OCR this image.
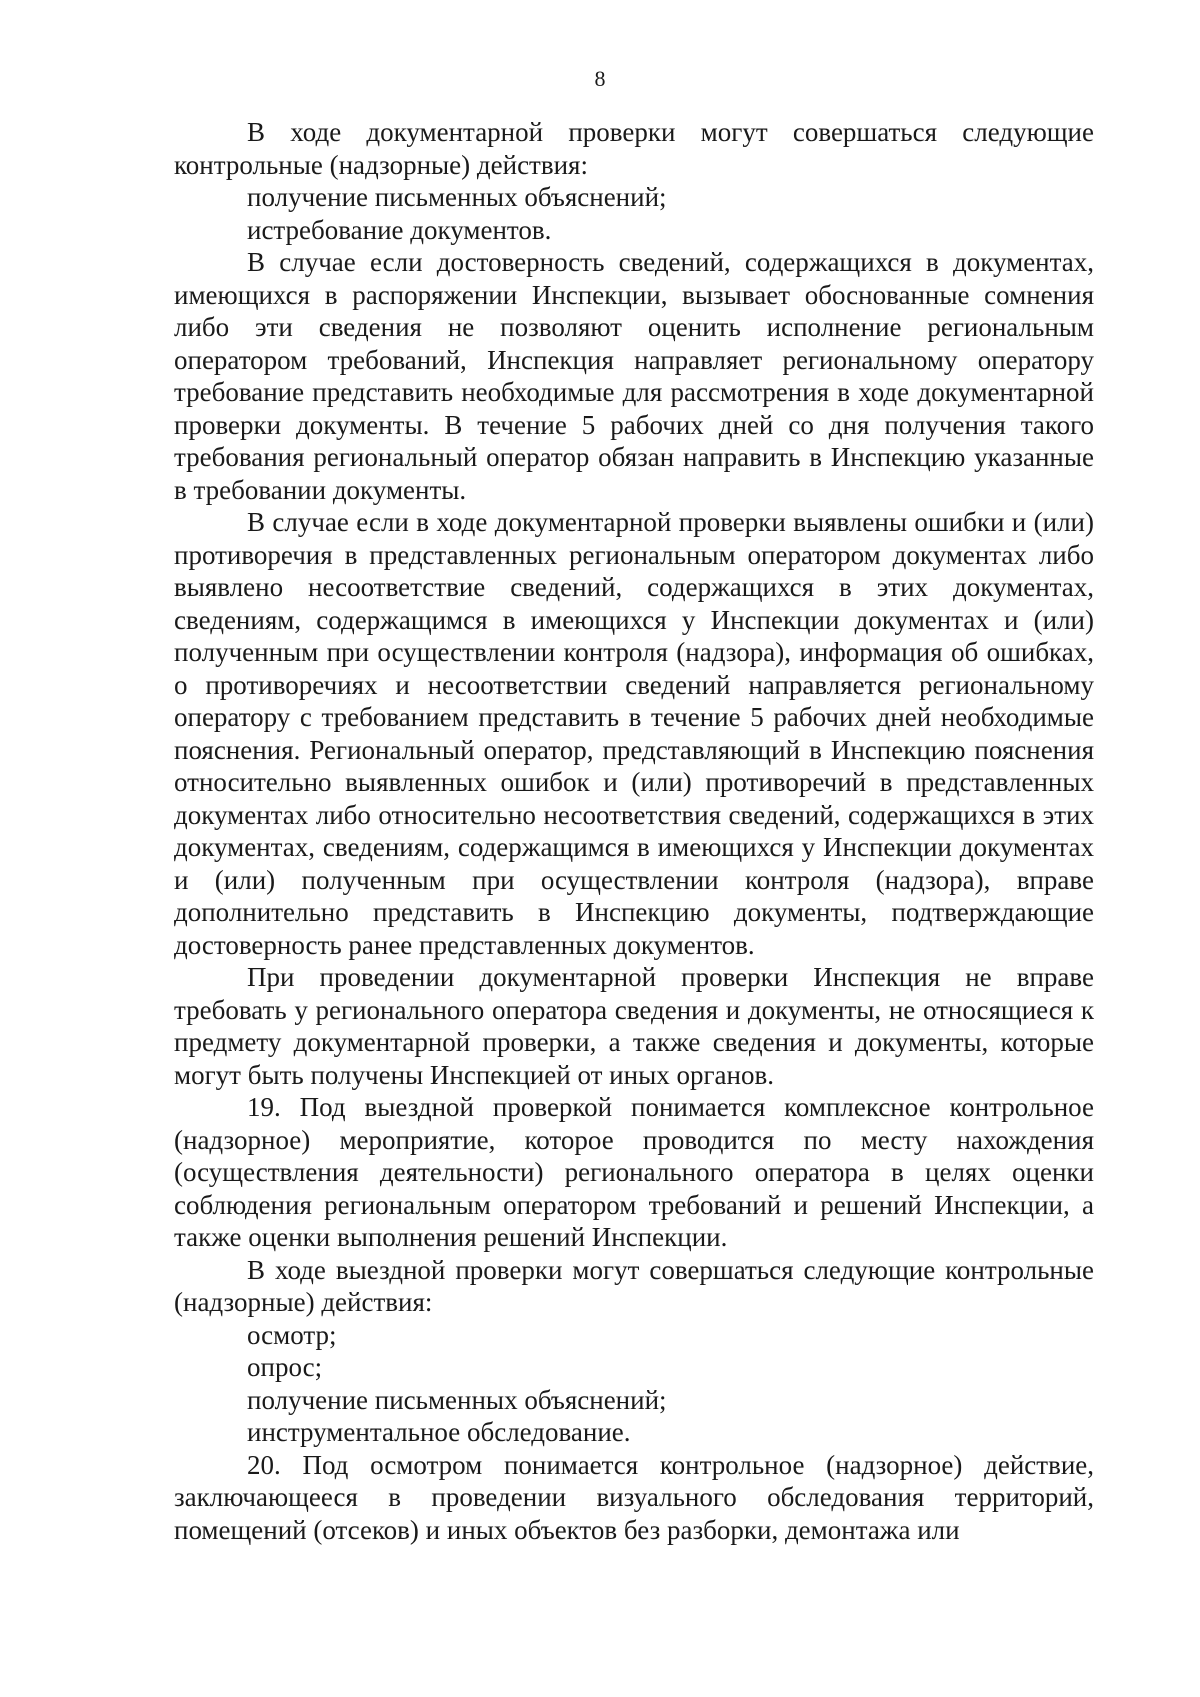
8

В ходе документарной проверки могут совершаться следующие контрольные (надзорные) действия:

получение письменных объяснений;

истребование документов.

В случае если достоверность сведений, содержащихся в документах, имеющихся в распоряжении Инспекции, вызывает обоснованные сомнения либо эти сведения не позволяют оценить исполнение региональным оператором требований, Инспекция направляет региональному оператору требование представить необходимые для рассмотрения в ходе документарной проверки документы. В течение 5 рабочих дней со дня получения такого требования региональный оператор обязан направить в Инспекцию указанные в требовании документы.

В случае если в ходе документарной проверки выявлены ошибки и (или) противоречия в представленных региональным оператором документах либо выявлено несоответствие сведений, содержащихся в этих документах, сведениям, содержащимся в имеющихся у Инспекции документах и (или) полученным при осуществлении контроля (надзора), информация об ошибках, о противоречиях и несоответствии сведений направляется региональному оператору с требованием представить в течение 5 рабочих дней необходимые пояснения. Региональный оператор, представляющий в Инспекцию пояснения относительно выявленных ошибок и (или) противоречий в представленных документах либо относительно несоответствия сведений, содержащихся в этих документах, сведениям, содержащимся в имеющихся у Инспекции документах и (или) полученным при осуществлении контроля (надзора), вправе дополнительно представить в Инспекцию документы, подтверждающие достоверность ранее представленных документов.

При проведении документарной проверки Инспекция не вправе требовать у регионального оператора сведения и документы, не относящиеся к предмету документарной проверки, а также сведения и документы, которые могут быть получены Инспекцией от иных органов.

19. Под выездной проверкой понимается комплексное контрольное (надзорное) мероприятие, которое проводится по месту нахождения (осуществления деятельности) регионального оператора в целях оценки соблюдения региональным оператором требований и решений Инспекции, а также оценки выполнения решений Инспекции.

В ходе выездной проверки могут совершаться следующие контрольные (надзорные) действия:

осмотр;

опрос;

получение письменных объяснений;

инструментальное обследование.

20. Под осмотром понимается контрольное (надзорное) действие, заключающееся в проведении визуального обследования территорий, помещений (отсеков) и иных объектов без разборки, демонтажа или
